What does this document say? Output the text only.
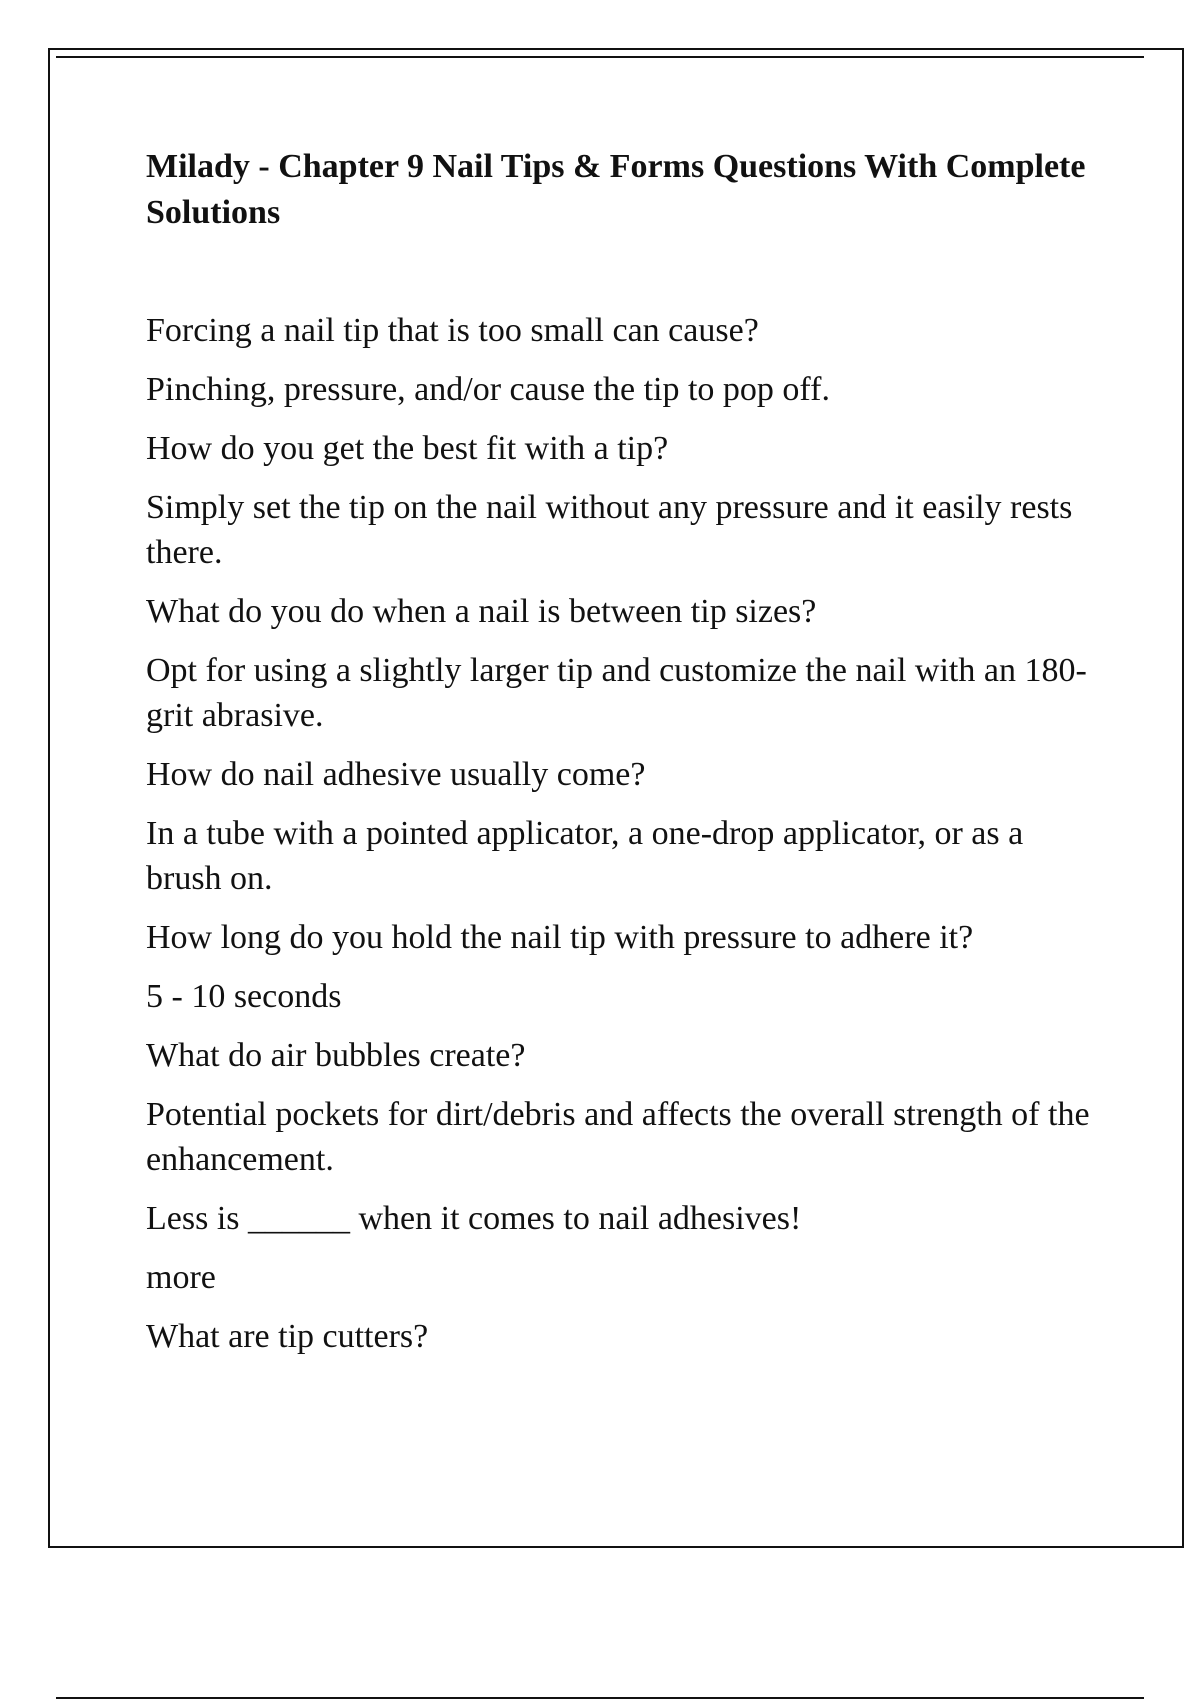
Milady - Chapter 9 Nail Tips & Forms Questions With Complete Solutions

Forcing a nail tip that is too small can cause?

Pinching, pressure, and/or cause the tip to pop off.

How do you get the best fit with a tip?

Simply set the tip on the nail without any pressure and it easily rests there.

What do you do when a nail is between tip sizes?

Opt for using a slightly larger tip and customize the nail with an 180-grit abrasive.

How do nail adhesive usually come?

In a tube with a pointed applicator, a one-drop applicator, or as a brush on.

How long do you hold the nail tip with pressure to adhere it?

5 - 10 seconds

What do air bubbles create?

Potential pockets for dirt/debris and affects the overall strength of the enhancement.

Less is ______ when it comes to nail adhesives!

more

What are tip cutters?
